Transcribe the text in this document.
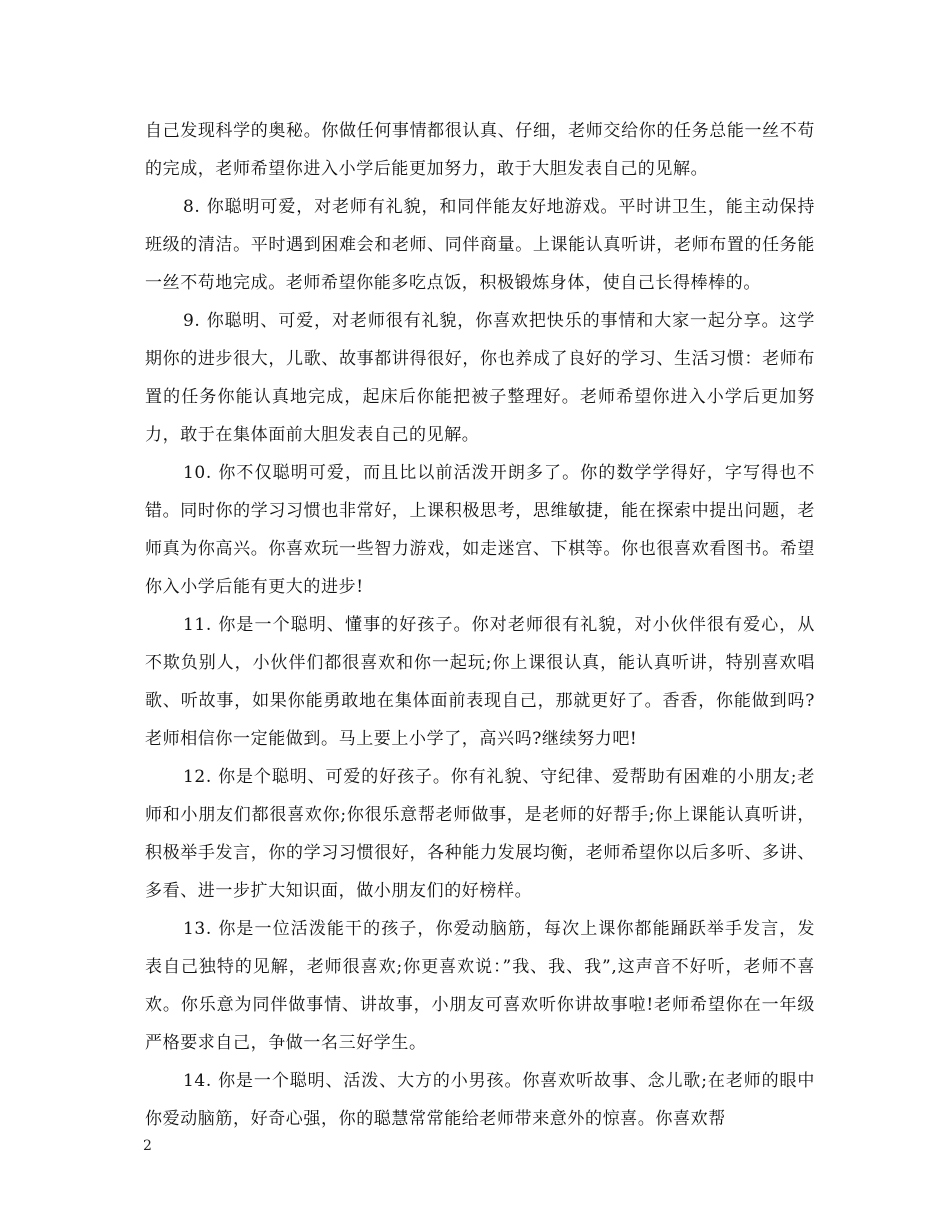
自己发现科学的奥秘。你做任何事情都很认真、仔细，老师交给你的任务总能一丝不苟的完成，老师希望你进入小学后能更加努力，敢于大胆发表自己的见解。

8. 你聪明可爱，对老师有礼貌，和同伴能友好地游戏。平时讲卫生，能主动保持班级的清洁。平时遇到困难会和老师、同伴商量。上课能认真听讲，老师布置的任务能一丝不苟地完成。老师希望你能多吃点饭，积极锻炼身体，使自己长得棒棒的。

9. 你聪明、可爱，对老师很有礼貌，你喜欢把快乐的事情和大家一起分享。这学期你的进步很大，儿歌、故事都讲得很好，你也养成了良好的学习、生活习惯：老师布置的任务你能认真地完成，起床后你能把被子整理好。老师希望你进入小学后更加努力，敢于在集体面前大胆发表自己的见解。

10. 你不仅聪明可爱，而且比以前活泼开朗多了。你的数学学得好，字写得也不错。同时你的学习习惯也非常好，上课积极思考，思维敏捷，能在探索中提出问题，老师真为你高兴。你喜欢玩一些智力游戏，如走迷宫、下棋等。你也很喜欢看图书。希望你入小学后能有更大的进步!

11. 你是一个聪明、懂事的好孩子。你对老师很有礼貌，对小伙伴很有爱心，从不欺负别人，小伙伴们都很喜欢和你一起玩;你上课很认真，能认真听讲，特别喜欢唱歌、听故事，如果你能勇敢地在集体面前表现自己，那就更好了。香香，你能做到吗?老师相信你一定能做到。马上要上小学了，高兴吗?继续努力吧!

12. 你是个聪明、可爱的好孩子。你有礼貌、守纪律、爱帮助有困难的小朋友;老师和小朋友们都很喜欢你;你很乐意帮老师做事，是老师的好帮手;你上课能认真听讲，积极举手发言，你的学习习惯很好，各种能力发展均衡，老师希望你以后多听、多讲、多看、进一步扩大知识面，做小朋友们的好榜样。

13. 你是一位活泼能干的孩子，你爱动脑筋，每次上课你都能踊跃举手发言，发表自己独特的见解，老师很喜欢;你更喜欢说：”我、我、我”,这声音不好听，老师不喜欢。你乐意为同伴做事情、讲故事，小朋友可喜欢听你讲故事啦!老师希望你在一年级严格要求自己，争做一名三好学生。

14. 你是一个聪明、活泼、大方的小男孩。你喜欢听故事、念儿歌;在老师的眼中你爱动脑筋，好奇心强，你的聪慧常常能给老师带来意外的惊喜。你喜欢帮

2
